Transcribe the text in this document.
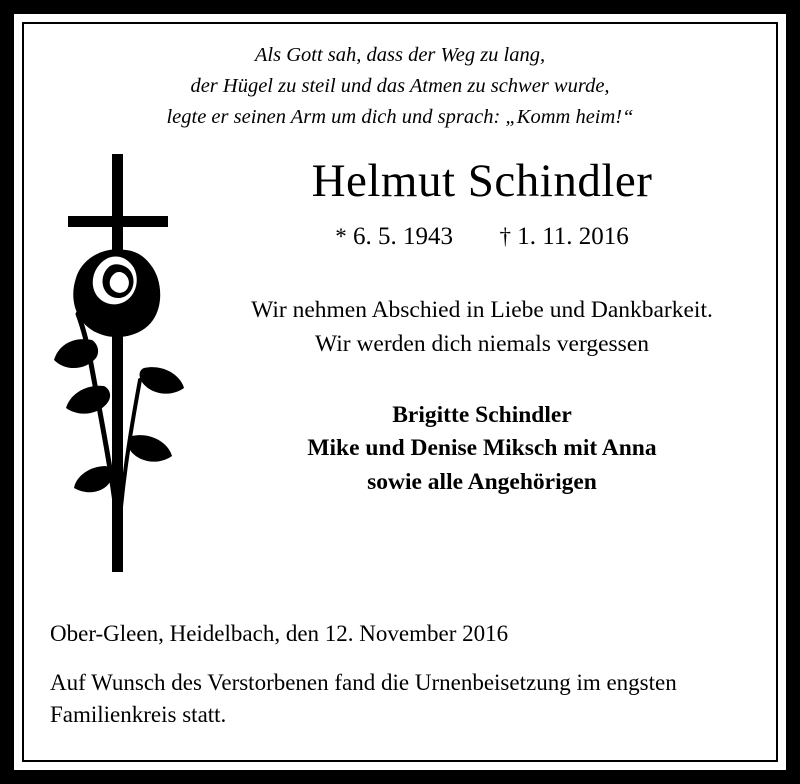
Als Gott sah, dass der Weg zu lang,
der Hügel zu steil und das Atmen zu schwer wurde,
legte er seinen Arm um dich und sprach: „Komm heim!“
Helmut Schindler
* 6. 5. 1943 † 1. 11. 2016
Wir nehmen Abschied in Liebe und Dankbarkeit.
Wir werden dich niemals vergessen
Brigitte Schindler
Mike und Denise Miksch mit Anna
sowie alle Angehörigen
Ober-Gleen, Heidelbach, den 12. November 2016
Auf Wunsch des Verstorbenen fand die Urnenbeisetzung im engsten Familienkreis statt.
